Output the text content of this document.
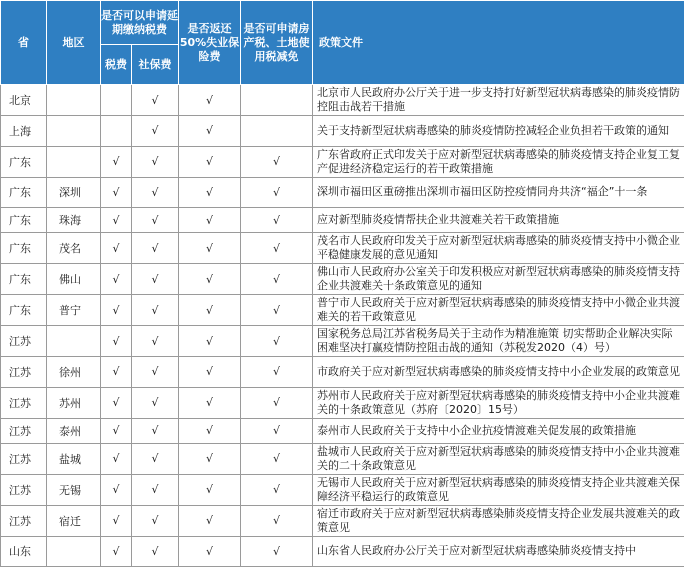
省	地区	是否可以申请延期缴纳税费		是否返还50%失业保险费	是否可申请房产税、土地使用税减免	政策文件

		税费	社保费			

北京			√	√		北京市人民政府办公厅关于进一步支持打好新型冠状病毒感染的肺炎疫情防控阻击战若干措施
上海			√	√		关于支持新型冠状病毒感染的肺炎疫情防控减轻企业负担若干政策的通知
广东		√	√	√	√	广东省政府正式印发关于应对新型冠状病毒感染的肺炎疫情支持企业复工复产促进经济稳定运行的若干政策措施
广东	深圳	√	√	√	√	深圳市福田区重磅推出深圳市福田区防控疫情同舟共济“福企”十一条
广东	珠海	√	√	√	√	应对新型肺炎疫情帮扶企业共渡难关若干政策措施
广东	茂名	√	√	√	√	茂名市人民政府印发关于应对新型冠状病毒感染的肺炎疫情支持中小微企业平稳健康发展的意见通知
广东	佛山	√	√	√	√	佛山市人民政府办公室关于印发积极应对新型冠状病毒感染的肺炎疫情支持企业共渡难关十条政策意见的通知
广东	普宁	√	√	√	√	普宁市人民政府关于应对新型冠状病毒感染的肺炎疫情支持中小微企业共渡难关的若干政策意见
江苏		√	√	√	√	国家税务总局江苏省税务局关于主动作为精准施策 切实帮助企业解决实际困难坚决打赢疫情防控阻击战的通知（苏税发2020（4）号）
江苏	徐州	√	√	√	√	市政府关于应对新型冠状病毒感染的肺炎疫情支持中小企业发展的政策意见
江苏	苏州	√	√	√	√	苏州市人民政府关于应对新型冠状病毒感染的肺炎疫情支持中小企业共渡难关的十条政策意见（苏府〔2020〕15号）
江苏	泰州	√	√	√	√	泰州市人民政府关于支持中小企业抗疫情渡难关促发展的政策措施
江苏	盐城	√	√	√	√	盐城市人民政府关于应对新型冠状病毒感染的肺炎疫情支持中小企业共渡难关的二十条政策意见
江苏	无锡	√	√	√	√	无锡市人民政府关于应对新型冠状病毒感染的肺炎疫情支持企业共渡难关保障经济平稳运行的政策意见
江苏	宿迁	√	√	√	√	宿迁市政府关于应对新型冠状病毒感染肺炎疫情支持企业发展共渡难关的政策意见
山东		√	√	√	√	山东省人民政府办公厅关于应对新型冠状病毒感染肺炎疫情支持中
